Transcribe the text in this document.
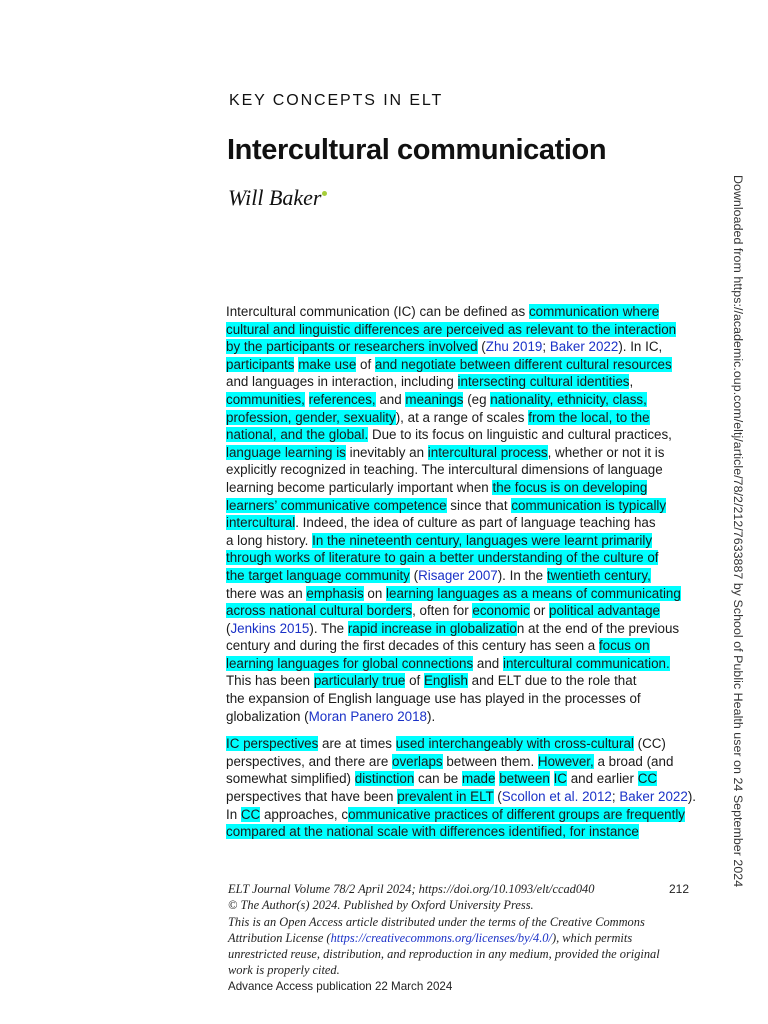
KEY CONCEPTS IN ELT
Intercultural communication
Will Baker
Intercultural communication (IC) can be defined as communication where
cultural and linguistic differences are perceived as relevant to the interaction
by the participants or researchers involved (Zhu 2019; Baker 2022). In IC,
participants make use of and negotiate between different cultural resources
and languages in interaction, including intersecting cultural identities,
communities, references, and meanings (eg nationality, ethnicity, class,
profession, gender, sexuality), at a range of scales from the local, to the
national, and the global. Due to its focus on linguistic and cultural practices,
language learning is inevitably an intercultural process, whether or not it is
explicitly recognized in teaching. The intercultural dimensions of language
learning become particularly important when the focus is on developing
learners’ communicative competence since that communication is typically
intercultural. Indeed, the idea of culture as part of language teaching has
a long history. In the nineteenth century, languages were learnt primarily
through works of literature to gain a better understanding of the culture of
the target language community (Risager 2007). In the twentieth century,
there was an emphasis on learning languages as a means of communicating
across national cultural borders, often for economic or political advantage
(Jenkins 2015). The rapid increase in globalization at the end of the previous
century and during the first decades of this century has seen a focus on
learning languages for global connections and intercultural communication.
This has been particularly true of English and ELT due to the role that
the expansion of English language use has played in the processes of
globalization (Moran Panero 2018).
IC perspectives are at times used interchangeably with cross-cultural (CC)
perspectives, and there are overlaps between them. However, a broad (and
somewhat simplified) distinction can be made between IC and earlier CC
perspectives that have been prevalent in ELT (Scollon et al. 2012; Baker 2022).
In CC approaches, communicative practices of different groups are frequently
compared at the national scale with differences identified, for instance	Downloaded from https://academic.oup.com/eltj/article/78/2/212/7633887 by School of Public Health user on 24 September 2024
212
ELT Journal Volume 78/2 April 2024; https://doi.org/10.1093/elt/ccad040
© The Author(s) 2024. Published by Oxford University Press.
This is an Open Access article distributed under the terms of the Creative Commons
Attribution License (https://creativecommons.org/licenses/by/4.0/), which permits
unrestricted reuse, distribution, and reproduction in any medium, provided the original
work is properly cited.
Advance Access publication 22 March 2024
